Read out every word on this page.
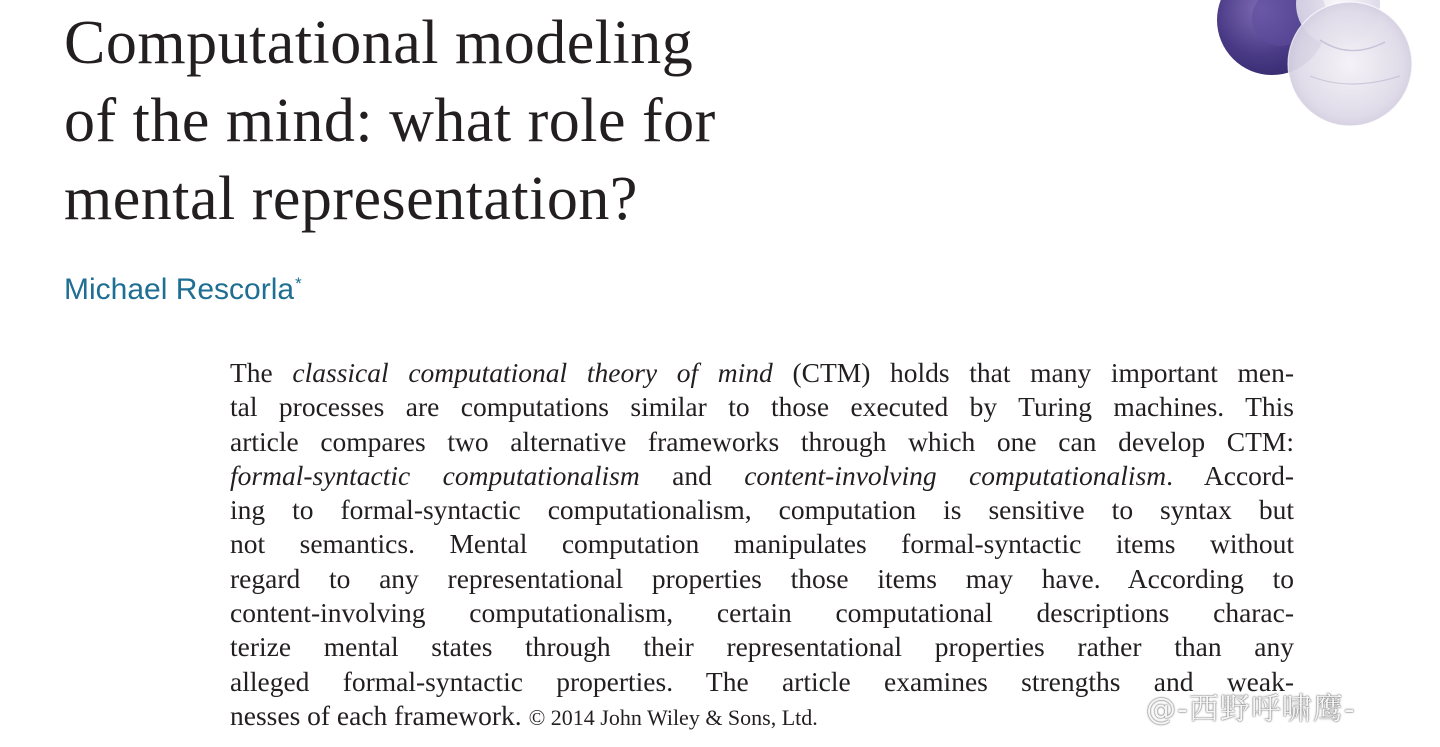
Computational modeling
of the mind: what role for
mental representation?
Michael Rescorla*
The classical computational theory of mind (CTM) holds that many important men-
tal processes are computations similar to those executed by Turing machines. This
article compares two alternative frameworks through which one can develop CTM:
formal-syntactic computationalism and content-involving computationalism. Accord-
ing to formal-syntactic computationalism, computation is sensitive to syntax but
not semantics. Mental computation manipulates formal-syntactic items without
regard to any representational properties those items may have. According to
content-involving computationalism, certain computational descriptions charac-
terize mental states through their representational properties rather than any
alleged formal-syntactic properties. The article examines strengths and weak-
nesses of each framework. © 2014 John Wiley & Sons, Ltd.	@-西野呼啸鹰-
